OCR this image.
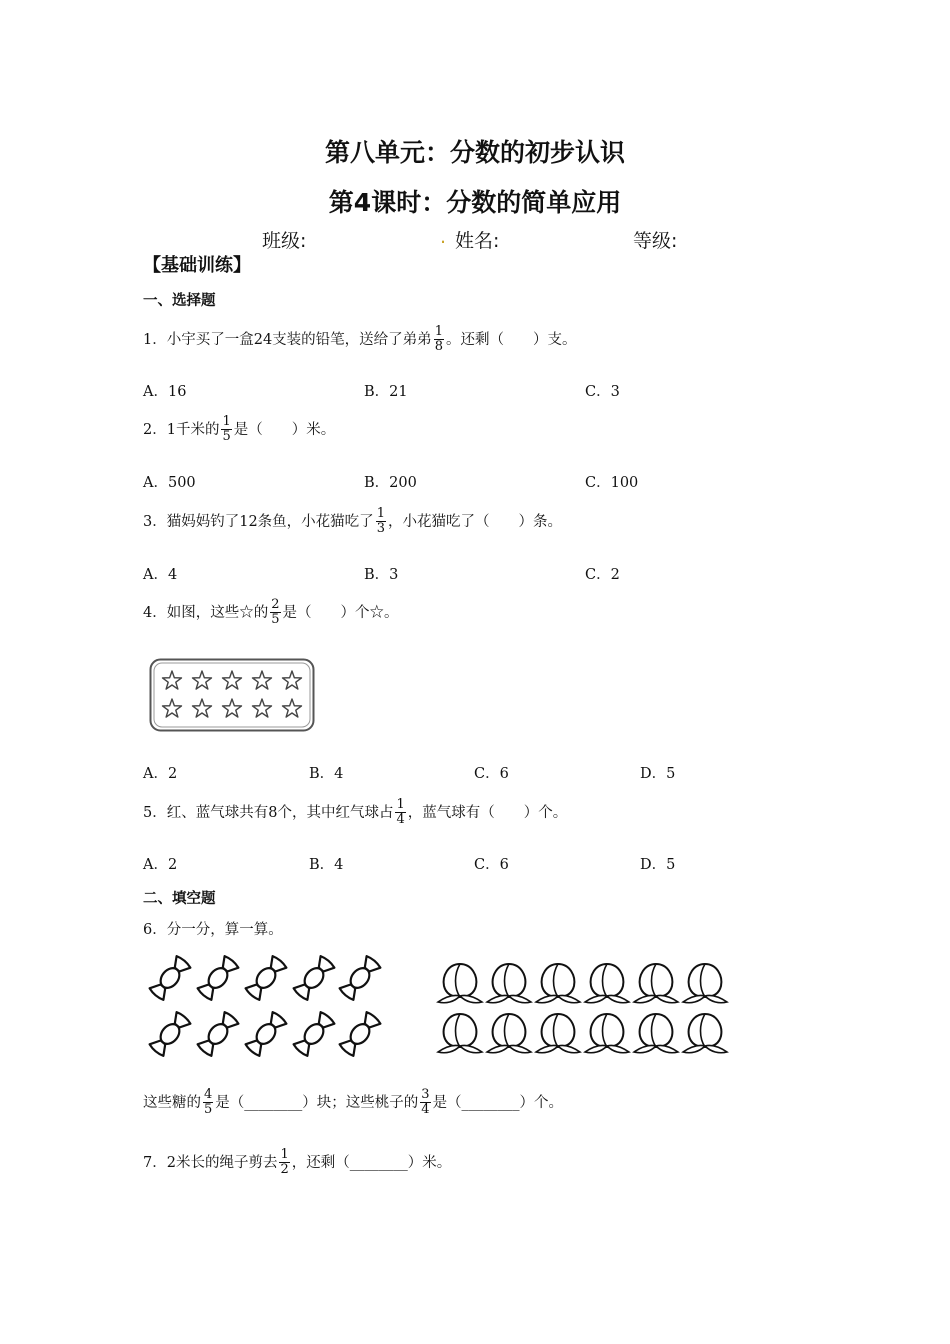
第八单元：分数的初步认识
第4课时：分数的简单应用
班级:	. 姓名:	等级:
【基础训练】
一、选择题
1．小宇买了一盒24支装的铅笔，送给了弟弟 $\frac{1}{8}$ 。还剩（　　）支。
A．16	B．21	C．3
2．1千米的 $\frac{1}{5}$ 是（　　）米。
A．500	B．200	C．100
3．猫妈妈钓了12条鱼，小花猫吃了 $\frac{1}{3}$ ，小花猫吃了（　　）条。
A．4	B．3	C．2
4．如图，这些☆的 $\frac{2}{5}$ 是（　　）个☆。
A．2	B．4	C．6	D．5
5．红、蓝气球共有8个，其中红气球占 $\frac{1}{4}$ ，蓝气球有（　　）个。
A．2	B．4	C．6	D．5
二、填空题
6．分一分，算一算。
这些糖的 $\frac{4}{5}$ 是（________）块；这些桃子的 $\frac{3}{4}$ 是（________）个。
7．2米长的绳子剪去 $\frac{1}{2}$ ，还剩（________）米。
